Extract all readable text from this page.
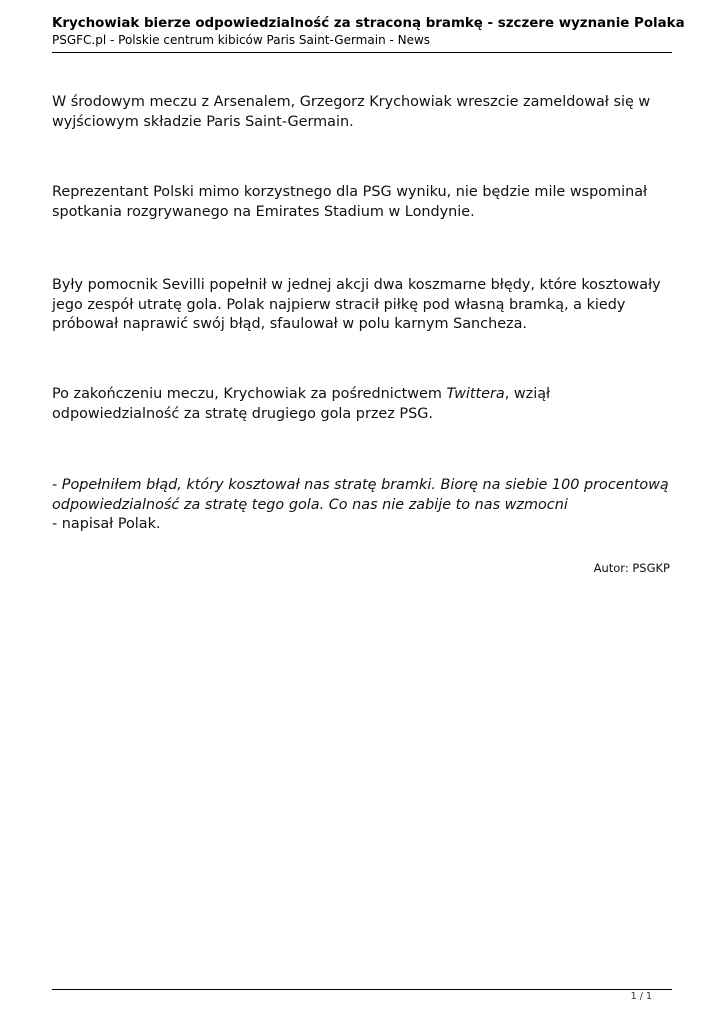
Krychowiak bierze odpowiedzialność za straconą bramkę - szczere wyznanie Polaka
PSGFC.pl - Polskie centrum kibiców Paris Saint-Germain - News

W środowym meczu z Arsenalem, Grzegorz Krychowiak wreszcie zameldował się w wyjściowym składzie Paris Saint-Germain.

Reprezentant Polski mimo korzystnego dla PSG wyniku, nie będzie mile wspominał spotkania rozgrywanego na Emirates Stadium w Londynie.

Były pomocnik Sevilli popełnił w jednej akcji dwa koszmarne błędy, które kosztowały jego zespół utratę gola. Polak najpierw stracił piłkę pod własną bramką, a kiedy próbował naprawić swój błąd, sfaulował w polu karnym Sancheza.

Po zakończeniu meczu, Krychowiak za pośrednictwem Twittera, wziął odpowiedzialność za stratę drugiego gola przez PSG.

- Popełniłem błąd, który kosztował nas stratę bramki. Biorę na siebie 100 procentową odpowiedzialność za stratę tego gola. Co nas nie zabije to nas wzmocni
- napisał Polak.

Autor: PSGKP
1 / 1
